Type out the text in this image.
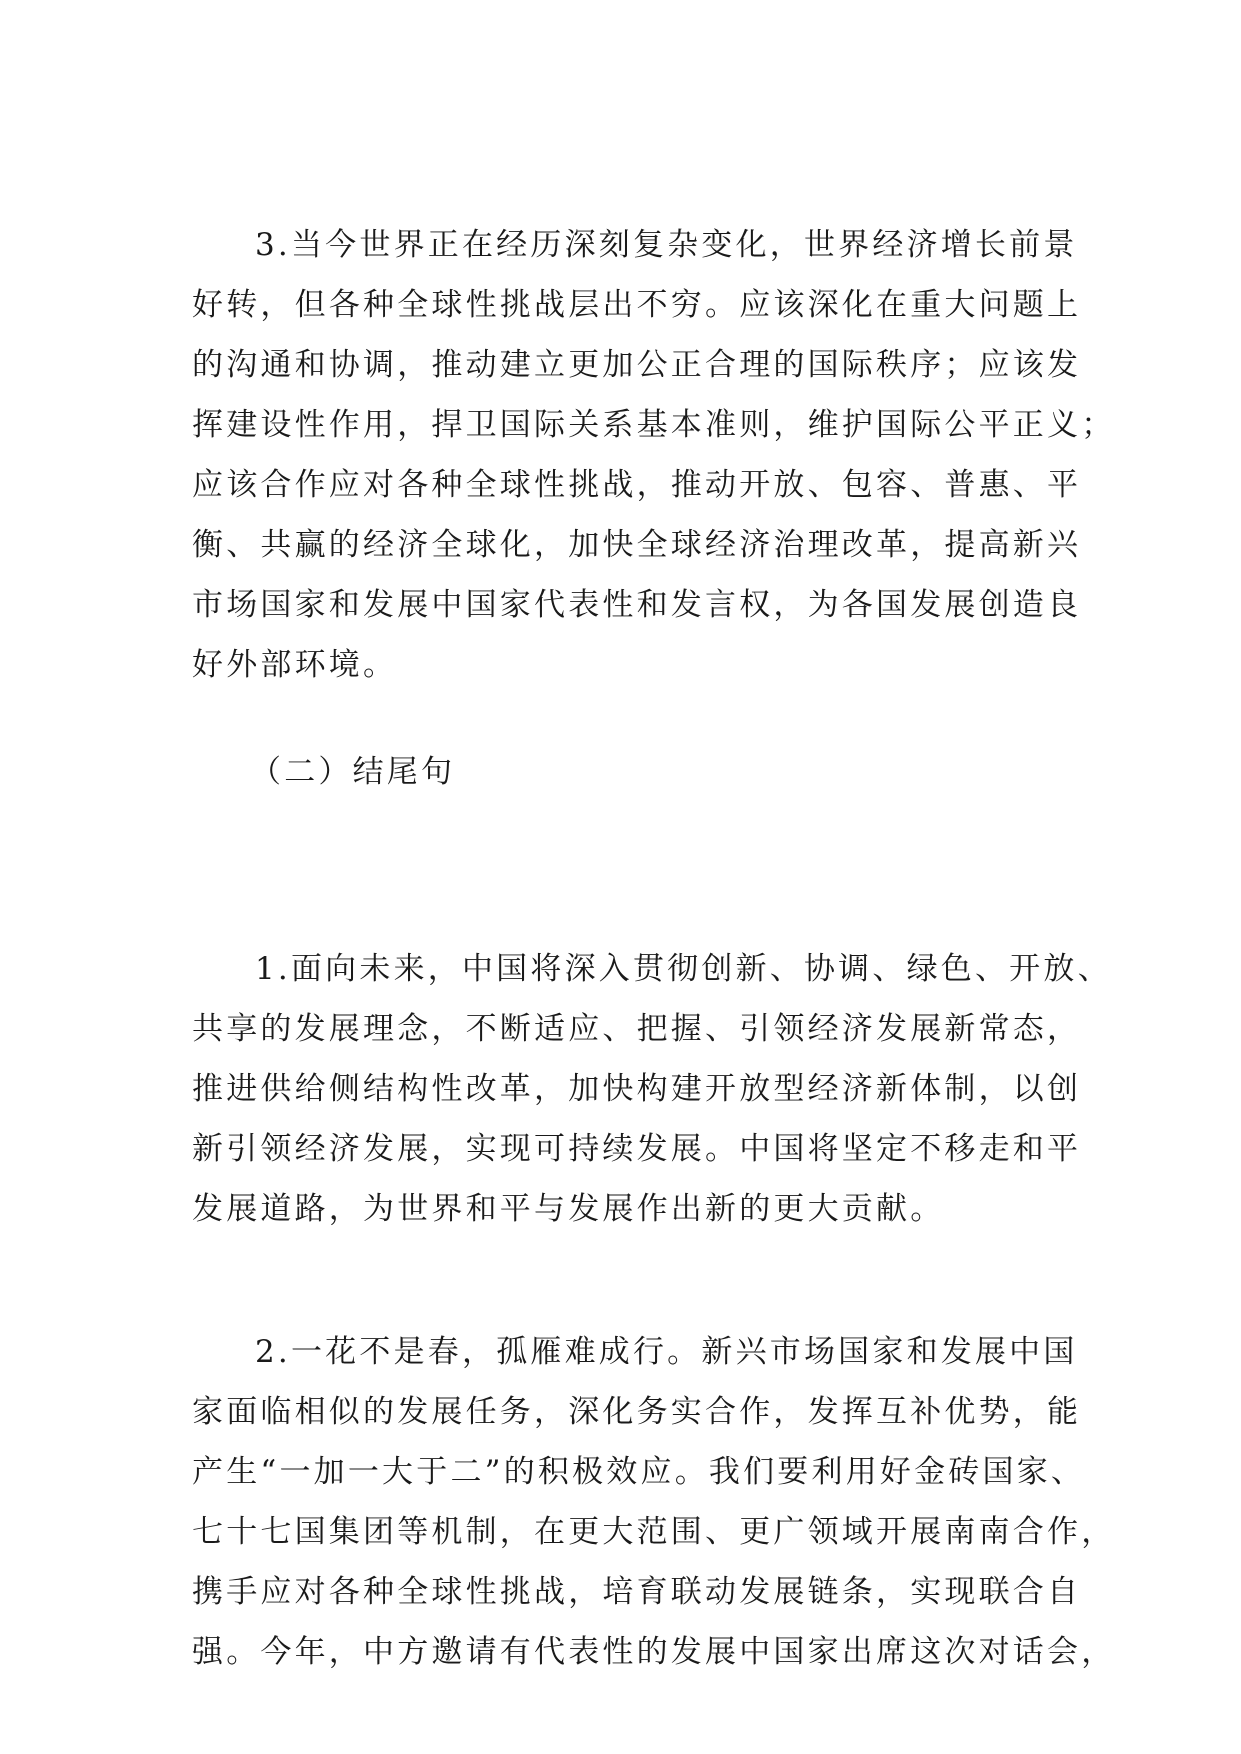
3.当今世界正在经历深刻复杂变化，世界经济增长前景
好转，但各种全球性挑战层出不穷。应该深化在重大问题上
的沟通和协调，推动建立更加公正合理的国际秩序；应该发
挥建设性作用，捍卫国际关系基本准则，维护国际公平正义；
应该合作应对各种全球性挑战，推动开放、包容、普惠、平
衡、共赢的经济全球化，加快全球经济治理改革，提高新兴
市场国家和发展中国家代表性和发言权，为各国发展创造良
好外部环境。
（二）结尾句
1.面向未来，中国将深入贯彻创新、协调、绿色、开放、
共享的发展理念，不断适应、把握、引领经济发展新常态，
推进供给侧结构性改革，加快构建开放型经济新体制，以创
新引领经济发展，实现可持续发展。中国将坚定不移走和平
发展道路，为世界和平与发展作出新的更大贡献。
2.一花不是春，孤雁难成行。新兴市场国家和发展中国
家面临相似的发展任务，深化务实合作，发挥互补优势，能
产生“一加一大于二”的积极效应。我们要利用好金砖国家、
七十七国集团等机制，在更大范围、更广领域开展南南合作，
携手应对各种全球性挑战，培育联动发展链条，实现联合自
强。今年，中方邀请有代表性的发展中国家出席这次对话会，
